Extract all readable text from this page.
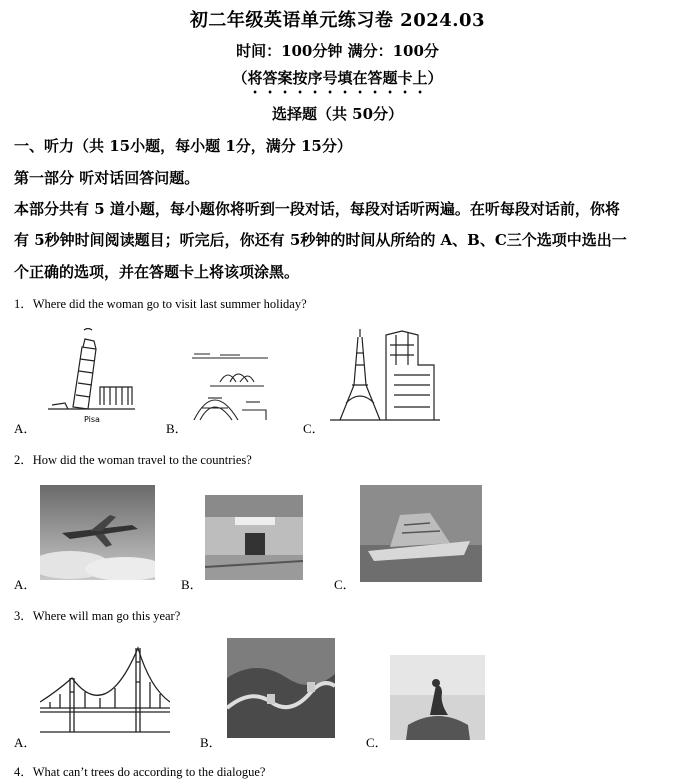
初二年级英语单元练习卷 2024.03
时间：100分钟 满分：100分
（将答案按序号填在答题卡上）
选择题（共 50分）
一、听力（共 15小题，每小题 1分，满分 15分）
第一部分 听对话回答问题。
本部分共有 5 道小题，每小题你将听到一段对话，每段对话听两遍。在听每段对话前，你将
有 5秒钟时间阅读题目；听完后，你还有 5秒钟的时间从所给的 A、B、C三个选项中选出一
个正确的选项，并在答题卡上将该项涂黑。
1．Where did the woman go to visit last summer holiday?
A．
Pisa
B．	C．
2．How did the woman travel to the countries?
A．	B．	C．
3．Where will man go this year?
A．	B．	C．
4．What can’t trees do according to the dialogue?
